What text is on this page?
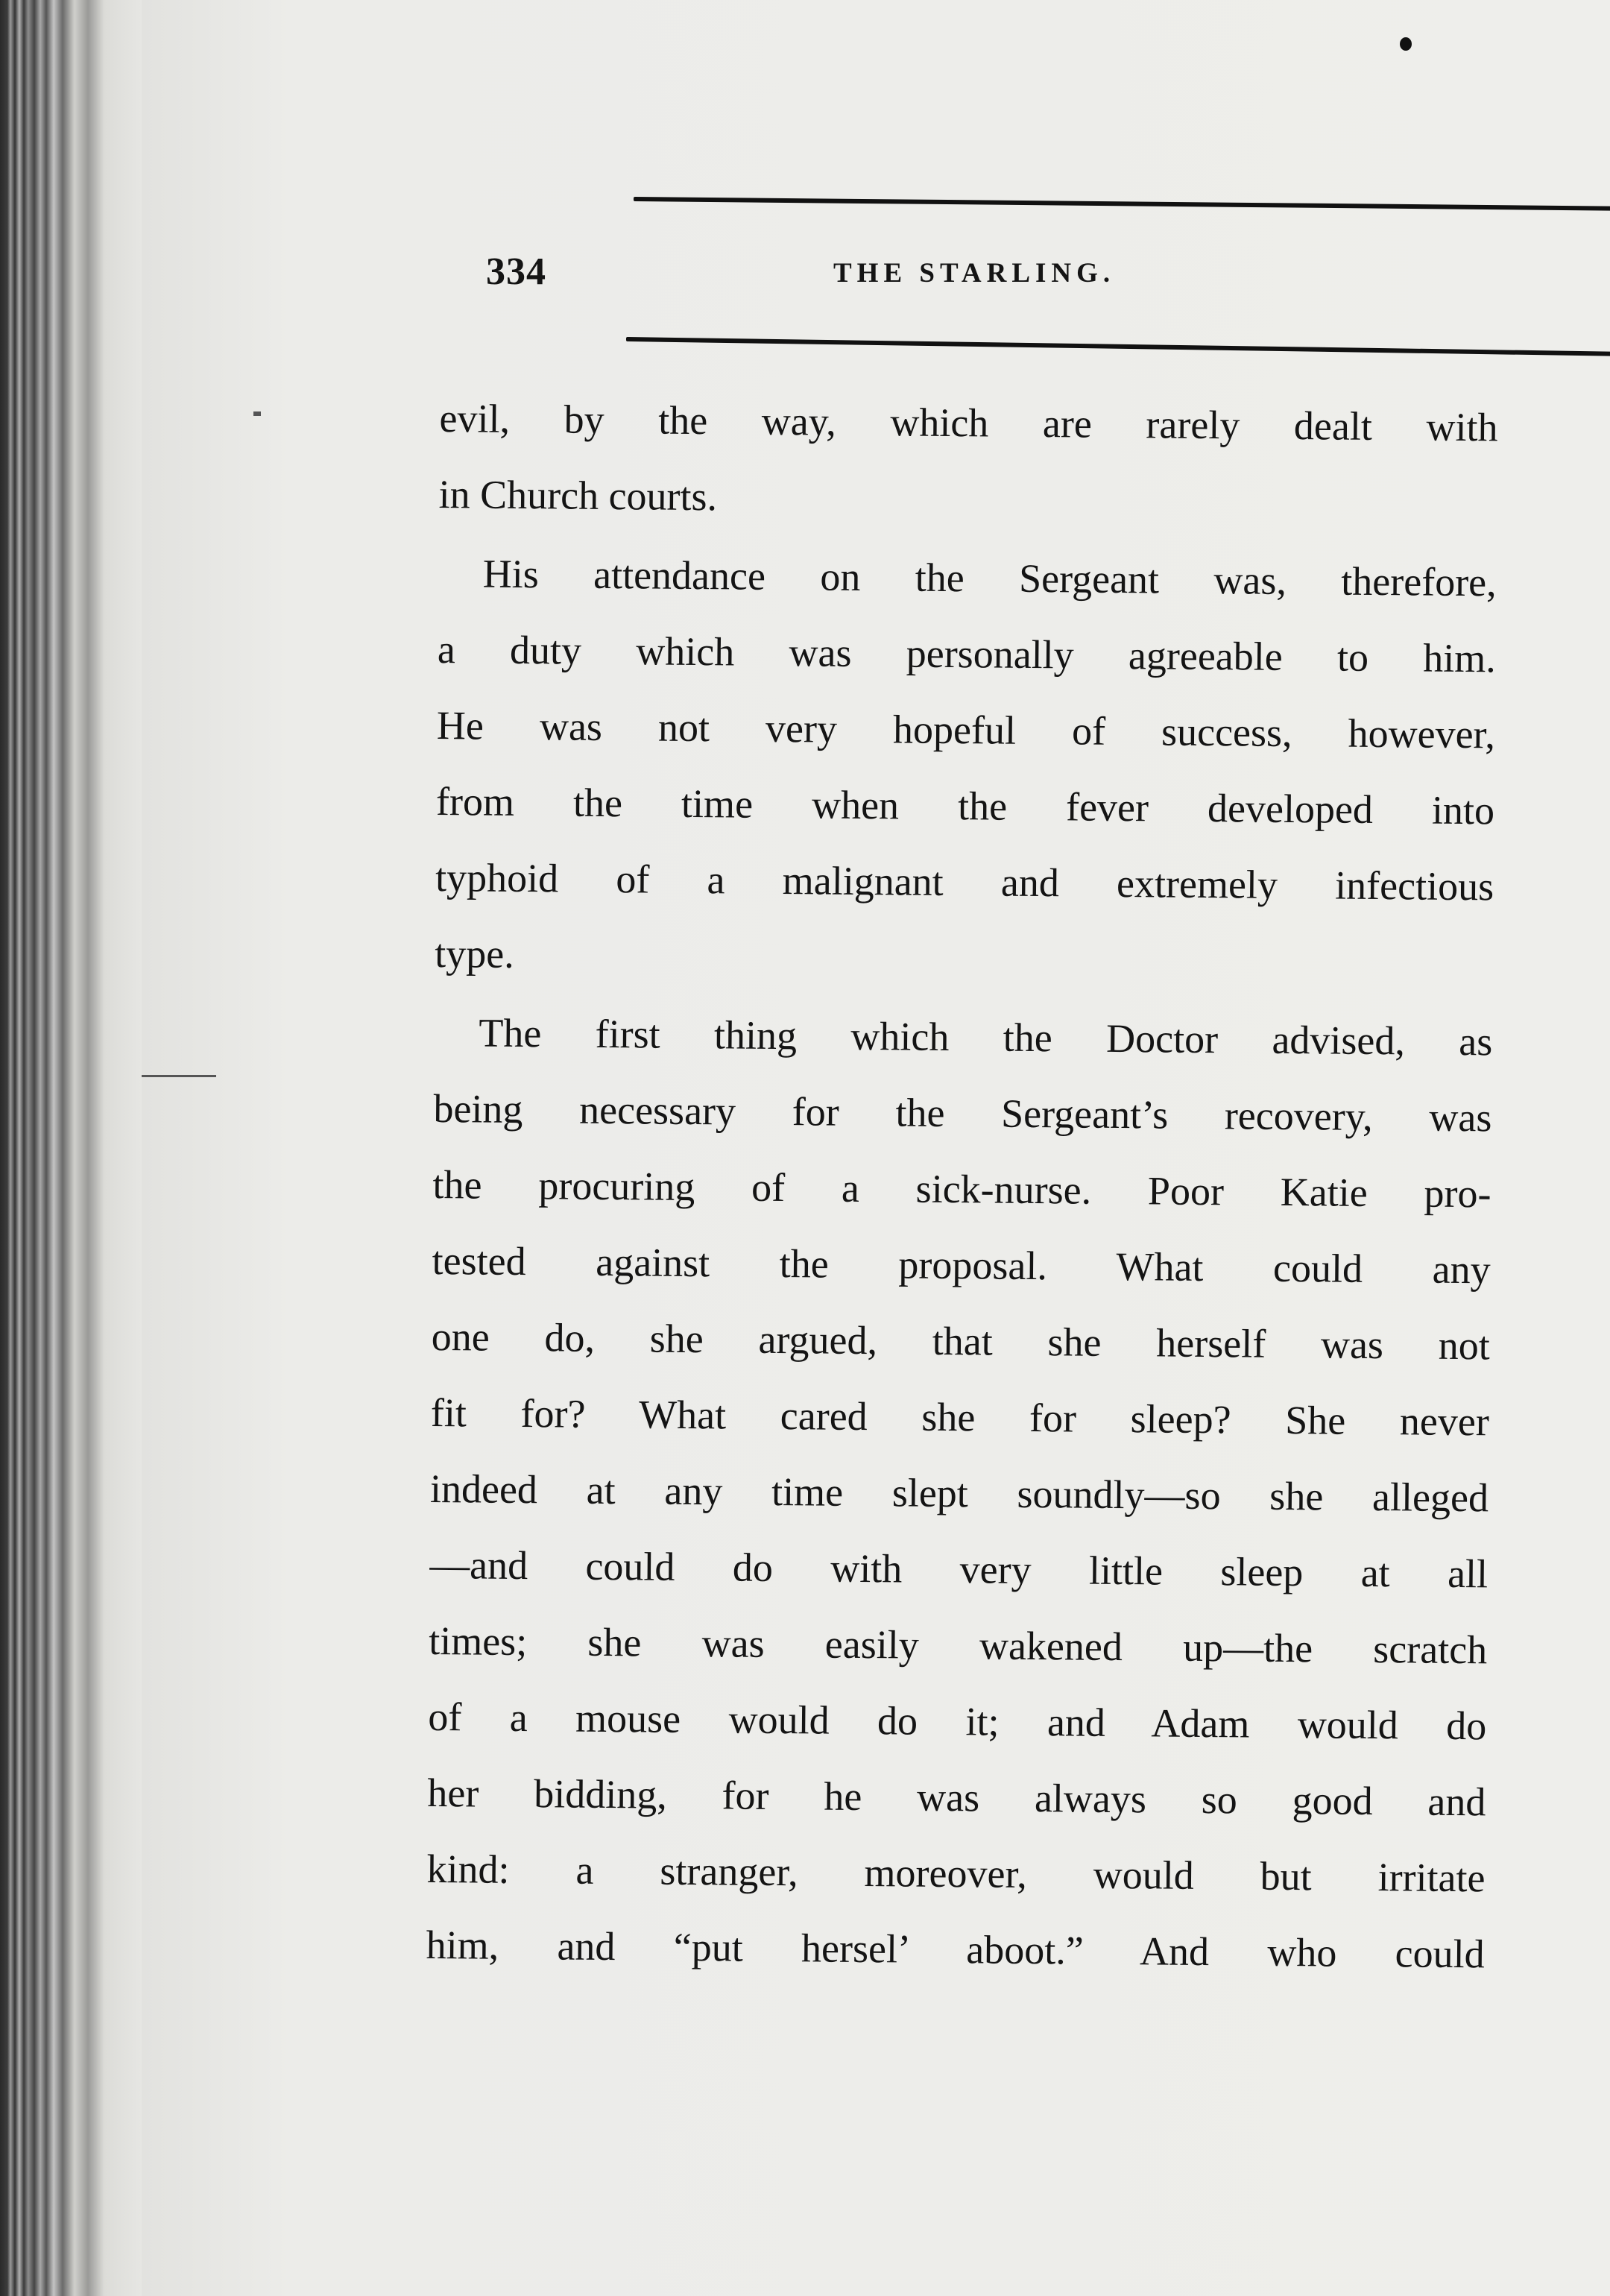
334	THE STARLING.
evil, by the way, which are rarely dealt with
in Church courts.
His attendance on the Sergeant was, therefore,
a duty which was personally agreeable to him.
He was not very hopeful of success, however,
from the time when the fever developed into
typhoid of a malignant and extremely infectious
type.
The first thing which the Doctor advised, as
being necessary for the Sergeant’s recovery, was
the procuring of a sick-nurse. Poor Katie pro-
tested against the proposal. What could any
one do, she argued, that she herself was not
fit for? What cared she for sleep? She never
indeed at any time slept soundly—so she alleged
—and could do with very little sleep at all
times; she was easily wakened up—the scratch
of a mouse would do it; and Adam would do
her bidding, for he was always so good and
kind: a stranger, moreover, would but irritate
him, and “put hersel’ aboot.” And who could
